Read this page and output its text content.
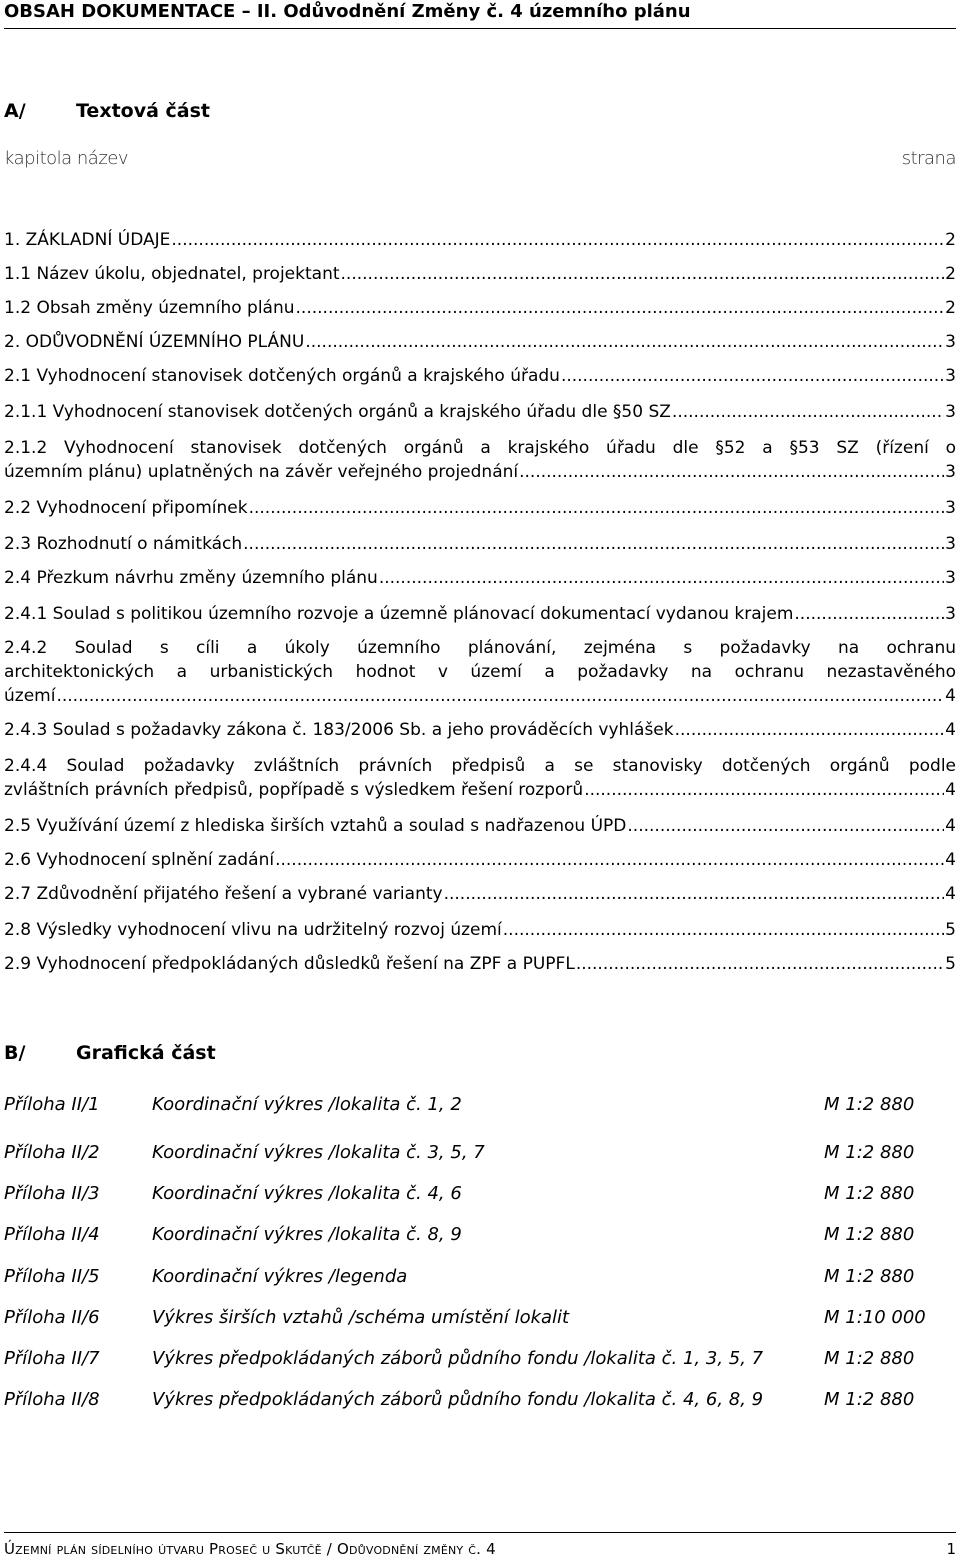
OBSAH DOKUMENTACE – II. Odůvodnění Změny č. 4 územního plánu
A/	Textová část
kapitola název	strana
1. ZÁKLADNÍ ÚDAJE .....	2
1.1 Název úkolu, objednatel, projektant .....	2
1.2 Obsah změny územního plánu .....	2
2. ODŮVODNĚNÍ ÚZEMNÍHO PLÁNU .....	3
2.1 Vyhodnocení stanovisek dotčených orgánů a krajského úřadu .....	3
2.1.1 Vyhodnocení stanovisek dotčených orgánů a krajského úřadu dle §50 SZ .....	3
2.1.2 Vyhodnocení stanovisek dotčených orgánů a krajského úřadu dle §52 a §53 SZ (řízení o
územním plánu) uplatněných na závěr veřejného projednání .....	3
2.2 Vyhodnocení připomínek .....	3
2.3 Rozhodnutí o námitkách .....	3
2.4 Přezkum návrhu změny územního plánu .....	3
2.4.1 Soulad s politikou územního rozvoje a územně plánovací dokumentací vydanou krajem .....	3
2.4.2 Soulad s cíli a úkoly územního plánování, zejména s požadavky na ochranu
architektonických a urbanistických hodnot v území a požadavky na ochranu nezastavěného
území .....	4
2.4.3 Soulad s požadavky zákona č. 183/2006 Sb. a jeho prováděcích vyhlášek .....	4
2.4.4 Soulad požadavky zvláštních právních předpisů a se stanovisky dotčených orgánů podle
zvláštních právních předpisů, popřípadě s výsledkem řešení rozporů .....	4
2.5 Využívání území z hlediska širších vztahů a soulad s nadřazenou ÚPD .....	4
2.6 Vyhodnocení splnění zadání .....	4
2.7 Zdůvodnění přijatého řešení a vybrané varianty .....	4
2.8 Výsledky vyhodnocení vlivu na udržitelný rozvoj území .....	5
2.9 Vyhodnocení předpokládaných důsledků řešení na ZPF a PUPFL .....	5
B/	Grafická část
Příloha II/1	Koordinační výkres /lokalita č. 1, 2	M 1:2 880
Příloha II/2	Koordinační výkres /lokalita č. 3, 5, 7	M 1:2 880
Příloha II/3	Koordinační výkres /lokalita č. 4, 6	M 1:2 880
Příloha II/4	Koordinační výkres /lokalita č. 8, 9	M 1:2 880
Příloha II/5	Koordinační výkres /legenda	M 1:2 880
Příloha II/6	Výkres širších vztahů /schéma umístění lokalit	M 1:10 000
Příloha II/7	Výkres předpokládaných záborů půdního fondu /lokalita č. 1, 3, 5, 7	M 1:2 880
Příloha II/8	Výkres předpokládaných záborů půdního fondu /lokalita č. 4, 6, 8, 9	M 1:2 880
Územní plán sídelního útvaru Proseč u Skutčě / Odůvodnění změny č. 4	1
